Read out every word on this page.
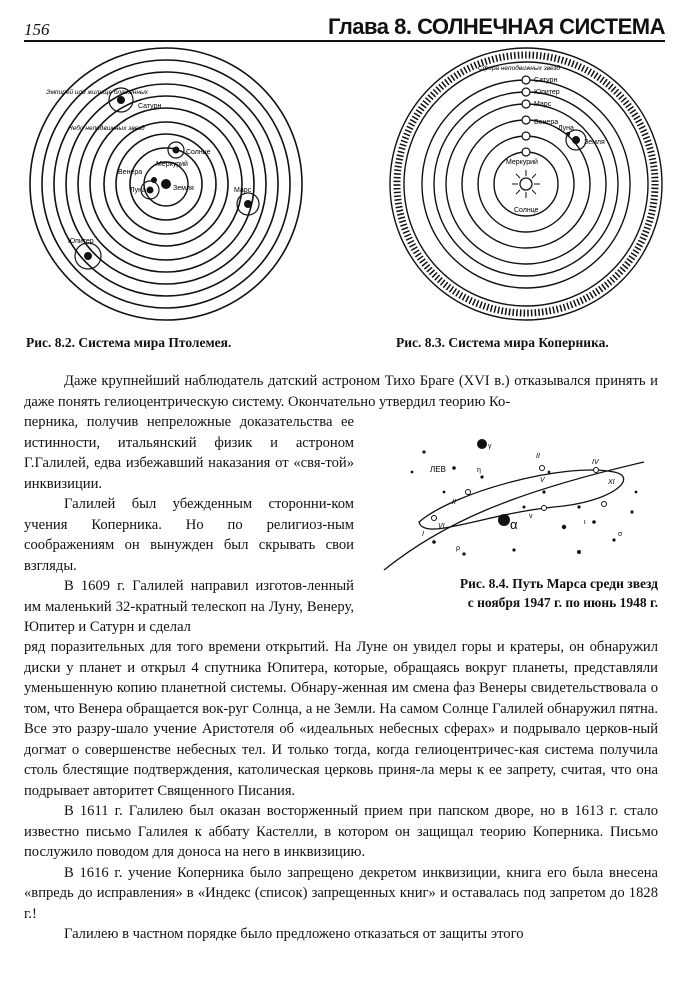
156	Глава 8. СОЛНЕЧНАЯ СИСТЕМА
Эмпирей или жилище блаженных
Небо неподвижных звезд
Сатурн
Солнце
Венера
Марс
Меркурий
Луна	Земля
Юпитер
Рис. 8.2. Система мира Птолемея.
Сфера неподвижных звезд
Сатурн
Юпитер
Марс
Луна
Земля
Венера
Меркурий
Солнце
Рис. 8.3. Система мира Коперника.

Даже крупнейший наблюдатель датский астроном Тихо Браге (XVI в.) отказывался принять и даже понять гелиоцентрическую систему. Окончательно утвердил теорию Ко-

перника, получив непреложные доказательства ее истинности, итальянский физик и астроном Г.Галилей, едва избежавший наказания от «свя-той» инквизиции.

Галилей был убежденным сторонни-ком учения Коперника. Но по религиоз-ным соображениям он вынужден был скрывать свои взгляды.

В 1609 г. Галилей направил изготов-ленный им маленький 32-кратный телескоп на Луну, Венеру, Юпитер и Сатурн и сделал

ЛЕВ
α
γ
η
ν
ρ
ι
σ
II
IV
V
VI
XI
I
II
Рис. 8.4. Путь Марса среди звезд
с ноября 1947 г. по июнь 1948 г.

ряд поразительных для того времени открытий. На Луне он увидел горы и кратеры, он обнаружил диски у планет и открыл 4 спутника Юпитера, которые, обращаясь вокруг планеты, представляли уменьшенную копию планетной системы. Обнару-женная им смена фаз Венеры свидетельствовала о том, что Венера обращается вок-руг Солнца, а не Земли. На самом Солнце Галилей обнаружил пятна. Все это разру-шало учение Аристотеля об «идеальных небесных сферах» и подрывало церков-ный догмат о совершенстве небесных тел. И только тогда, когда гелиоцентричес-кая система получила столь блестящие подтверждения, католическая церковь приня-ла меры к ее запрету, считая, что она подрывает авторитет Священного Писания.

В 1611 г. Галилею был оказан восторженный прием при папском дворе, но в 1613 г. стало известно письмо Галилея к аббату Кастелли, в котором он защищал теорию Коперника. Письмо послужило поводом для доноса на него в инквизицию.

В 1616 г. учение Коперника было запрещено декретом инквизиции, книга его была внесена «впредь до исправления» в «Индекс (список) запрещенных книг» и оставалась под запретом до 1828 г.!

Галилею в частном порядке было предложено отказаться от защиты этого
